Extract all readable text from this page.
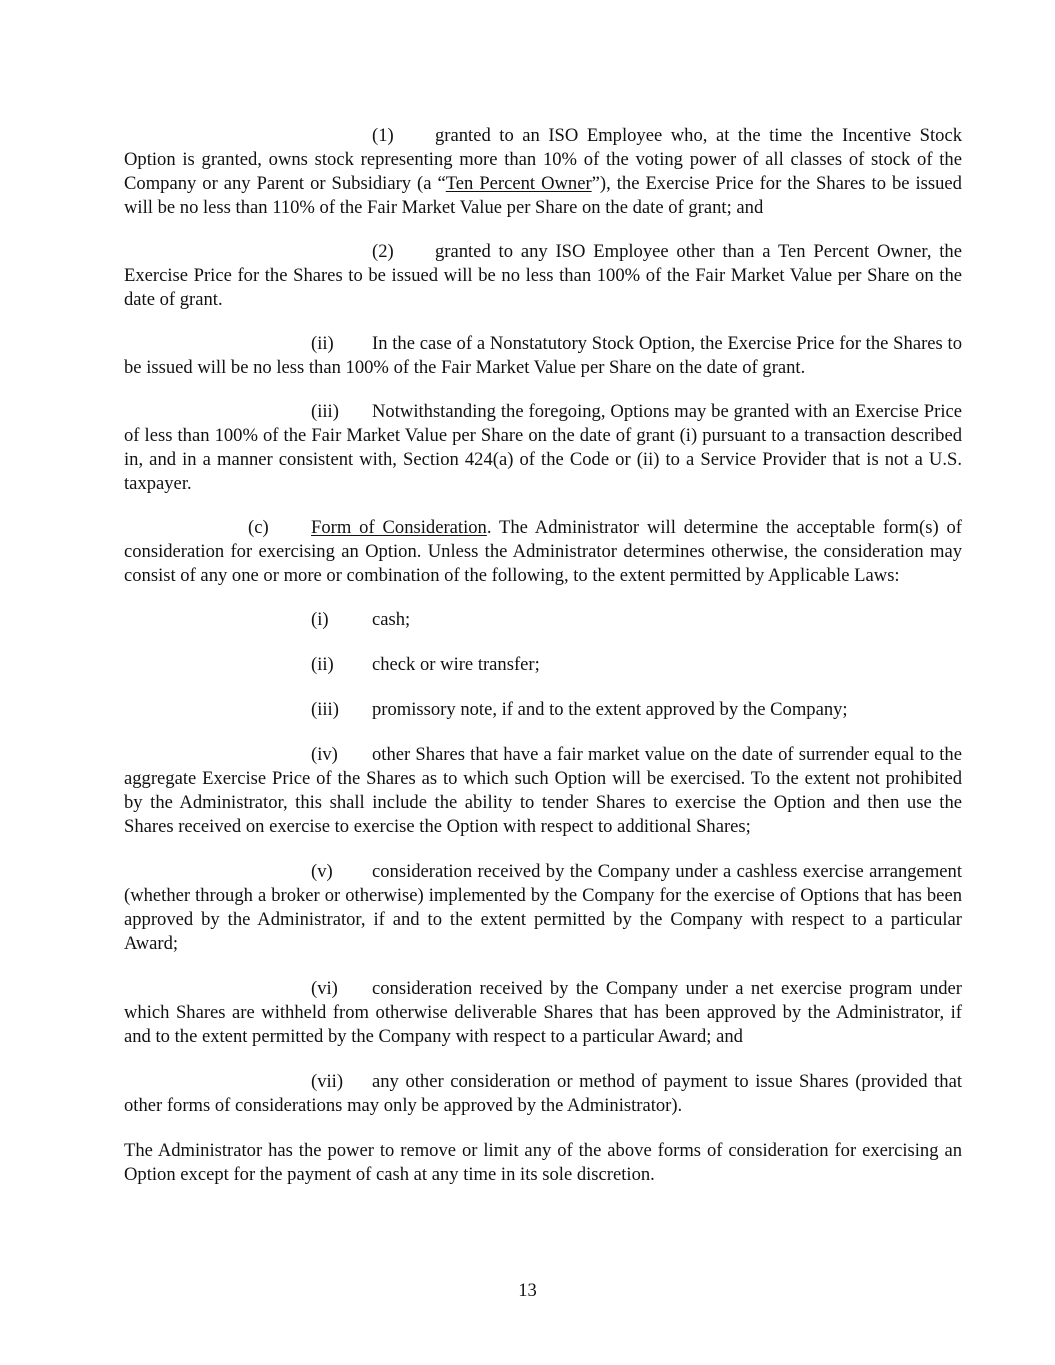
(1) granted to an ISO Employee who, at the time the Incentive Stock Option is granted, owns stock representing more than 10% of the voting power of all classes of stock of the Company or any Parent or Subsidiary (a “Ten Percent Owner”), the Exercise Price for the Shares to be issued will be no less than 110% of the Fair Market Value per Share on the date of grant; and

(2) granted to any ISO Employee other than a Ten Percent Owner, the Exercise Price for the Shares to be issued will be no less than 100% of the Fair Market Value per Share on the date of grant.

(ii) In the case of a Nonstatutory Stock Option, the Exercise Price for the Shares to be issued will be no less than 100% of the Fair Market Value per Share on the date of grant.

(iii) Notwithstanding the foregoing, Options may be granted with an Exercise Price of less than 100% of the Fair Market Value per Share on the date of grant (i) pursuant to a transaction described in, and in a manner consistent with, Section 424(a) of the Code or (ii) to a Service Provider that is not a U.S. taxpayer.

(c) Form of Consideration. The Administrator will determine the acceptable form(s) of consideration for exercising an Option. Unless the Administrator determines otherwise, the consideration may consist of any one or more or combination of the following, to the extent permitted by Applicable Laws:

(i) cash;

(ii) check or wire transfer;

(iii) promissory note, if and to the extent approved by the Company;

(iv) other Shares that have a fair market value on the date of surrender equal to the aggregate Exercise Price of the Shares as to which such Option will be exercised. To the extent not prohibited by the Administrator, this shall include the ability to tender Shares to exercise the Option and then use the Shares received on exercise to exercise the Option with respect to additional Shares;

(v) consideration received by the Company under a cashless exercise arrangement (whether through a broker or otherwise) implemented by the Company for the exercise of Options that has been approved by the Administrator, if and to the extent permitted by the Company with respect to a particular Award;

(vi) consideration received by the Company under a net exercise program under which Shares are withheld from otherwise deliverable Shares that has been approved by the Administrator, if and to the extent permitted by the Company with respect to a particular Award; and

(vii) any other consideration or method of payment to issue Shares (provided that other forms of considerations may only be approved by the Administrator).

The Administrator has the power to remove or limit any of the above forms of consideration for exercising an Option except for the payment of cash at any time in its sole discretion.

13
